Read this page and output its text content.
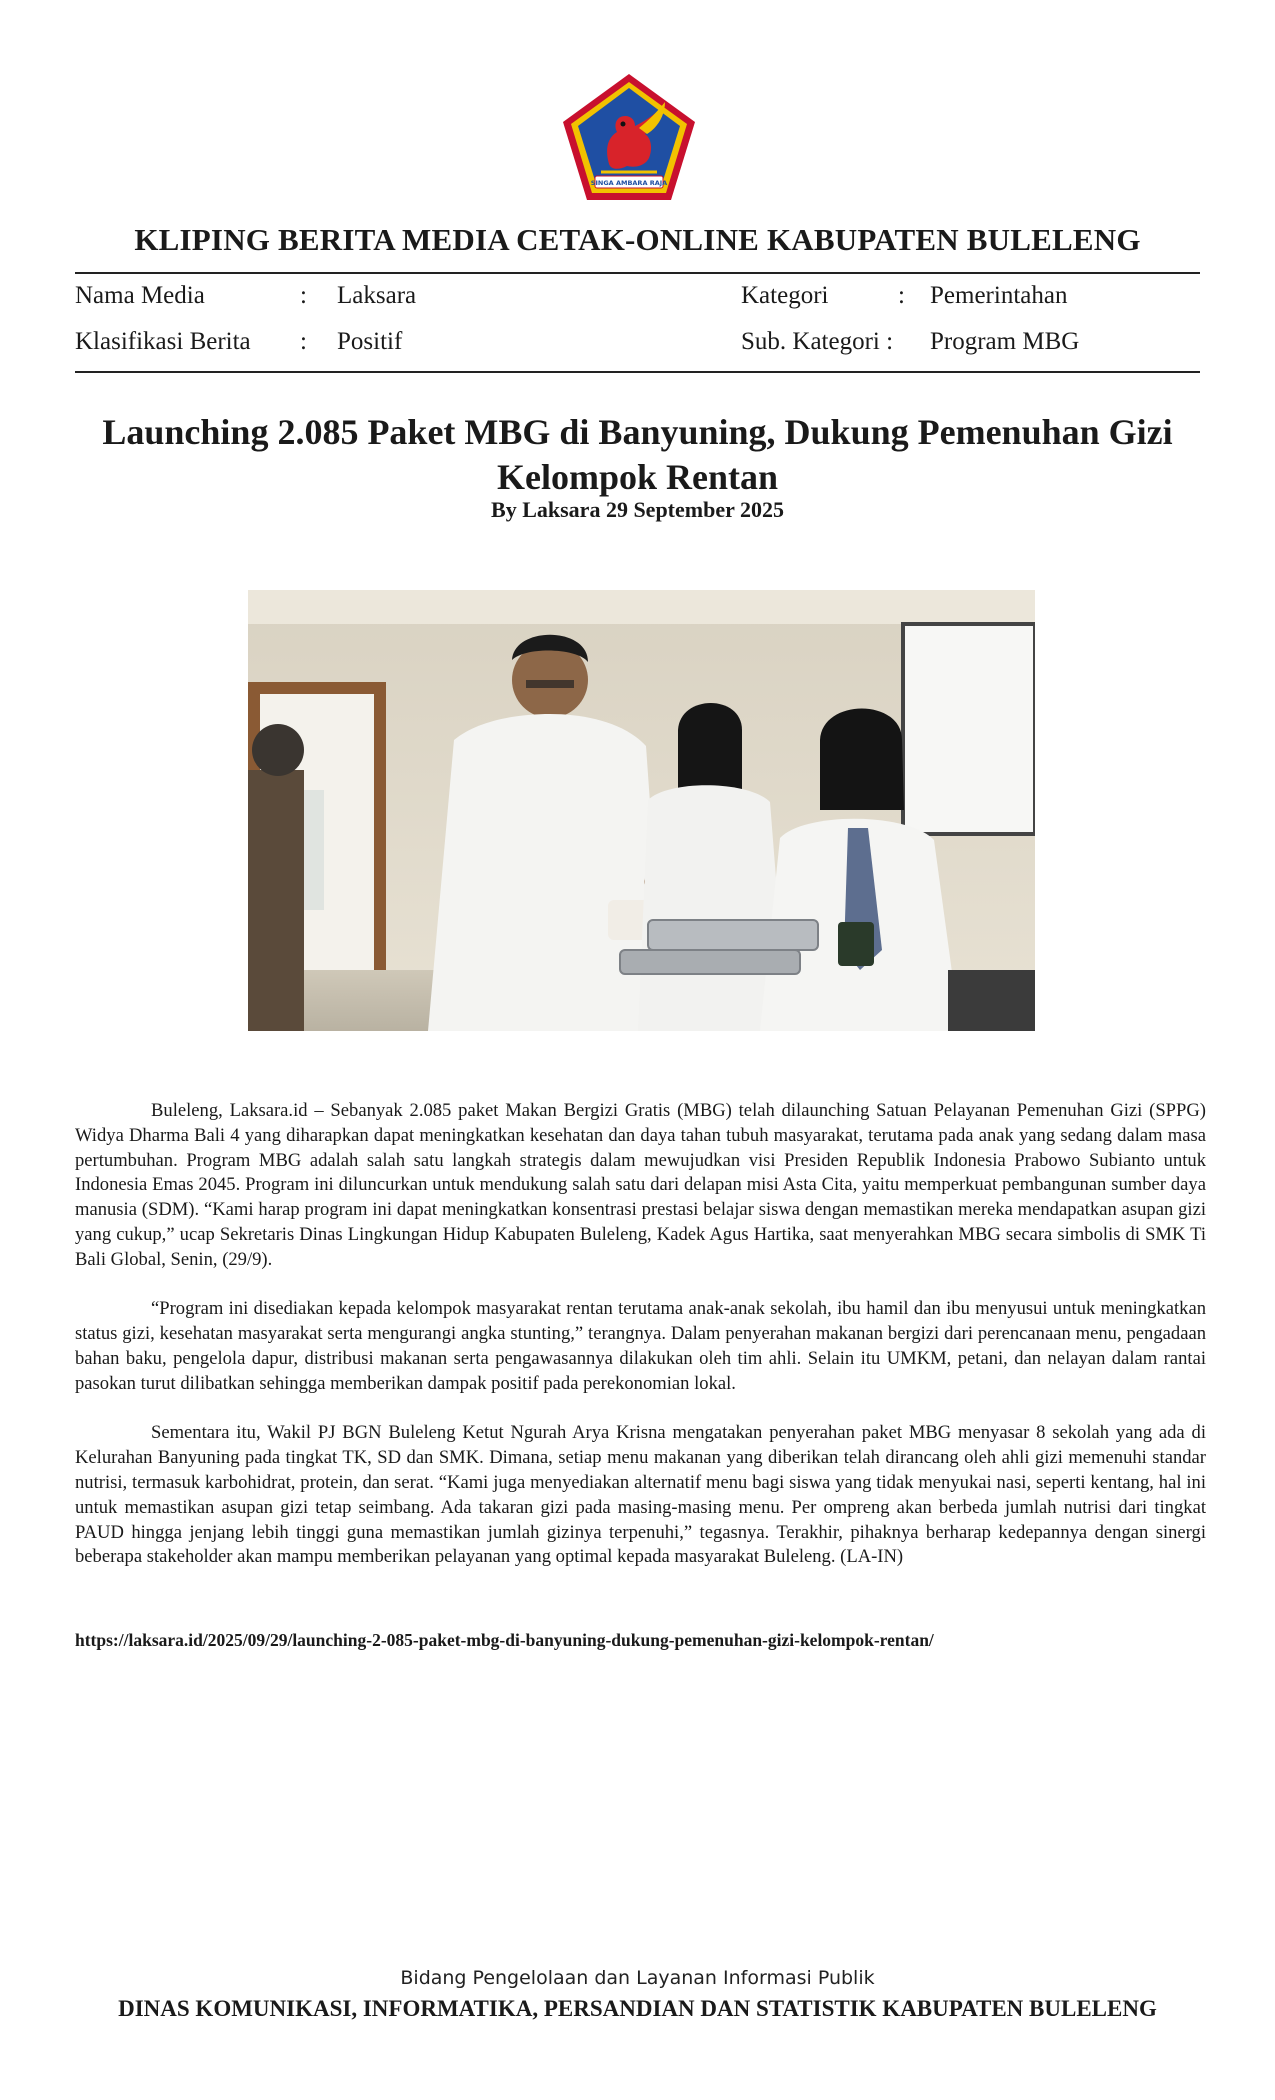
SINGA AMBARA RAJA
KLIPING BERITA MEDIA CETAK-ONLINE KABUPATEN BULELENG
Nama Media	: Laksara
Klasifikasi Berita : Positif
Kategori	: Pemerintahan
Sub. Kategori : Program MBG
Launching 2.085 Paket MBG di Banyuning, Dukung Pemenuhan Gizi
Kelompok Rentan
By Laksara 29 September 2025

Buleleng, Laksara.id – Sebanyak 2.085 paket Makan Bergizi Gratis (MBG) telah dilaunching Satuan Pelayanan Pemenuhan Gizi (SPPG) Widya Dharma Bali 4 yang diharapkan dapat meningkatkan kesehatan dan daya tahan tubuh masyarakat, terutama pada anak yang sedang dalam masa pertumbuhan. Program MBG adalah salah satu langkah strategis dalam mewujudkan visi Presiden Republik Indonesia Prabowo Subianto untuk Indonesia Emas 2045. Program ini diluncurkan untuk mendukung salah satu dari delapan misi Asta Cita, yaitu memperkuat pembangunan sumber daya manusia (SDM). “Kami harap program ini dapat meningkatkan konsentrasi prestasi belajar siswa dengan memastikan mereka mendapatkan asupan gizi yang cukup,” ucap Sekretaris Dinas Lingkungan Hidup Kabupaten Buleleng, Kadek Agus Hartika, saat menyerahkan MBG secara simbolis di SMK Ti Bali Global, Senin, (29/9).

“Program ini disediakan kepada kelompok masyarakat rentan terutama anak-anak sekolah, ibu hamil dan ibu menyusui untuk meningkatkan status gizi, kesehatan masyarakat serta mengurangi angka stunting,” terangnya. Dalam penyerahan makanan bergizi dari perencanaan menu, pengadaan bahan baku, pengelola dapur, distribusi makanan serta pengawasannya dilakukan oleh tim ahli. Selain itu UMKM, petani, dan nelayan dalam rantai pasokan turut dilibatkan sehingga memberikan dampak positif pada perekonomian lokal.

Sementara itu, Wakil PJ BGN Buleleng Ketut Ngurah Arya Krisna mengatakan penyerahan paket MBG menyasar 8 sekolah yang ada di Kelurahan Banyuning pada tingkat TK, SD dan SMK. Dimana, setiap menu makanan yang diberikan telah dirancang oleh ahli gizi memenuhi standar nutrisi, termasuk karbohidrat, protein, dan serat. “Kami juga menyediakan alternatif menu bagi siswa yang tidak menyukai nasi, seperti kentang, hal ini untuk memastikan asupan gizi tetap seimbang. Ada takaran gizi pada masing-masing menu. Per ompreng akan berbeda jumlah nutrisi dari tingkat PAUD hingga jenjang lebih tinggi guna memastikan jumlah gizinya terpenuhi,” tegasnya. Terakhir, pihaknya berharap kedepannya dengan sinergi beberapa stakeholder akan mampu memberikan pelayanan yang optimal kepada masyarakat Buleleng. (LA-IN)

https://laksara.id/2025/09/29/launching-2-085-paket-mbg-di-banyuning-dukung-pemenuhan-gizi-kelompok-rentan/
Bidang Pengelolaan dan Layanan Informasi Publik
DINAS KOMUNIKASI, INFORMATIKA, PERSANDIAN DAN STATISTIK KABUPATEN BULELENG
